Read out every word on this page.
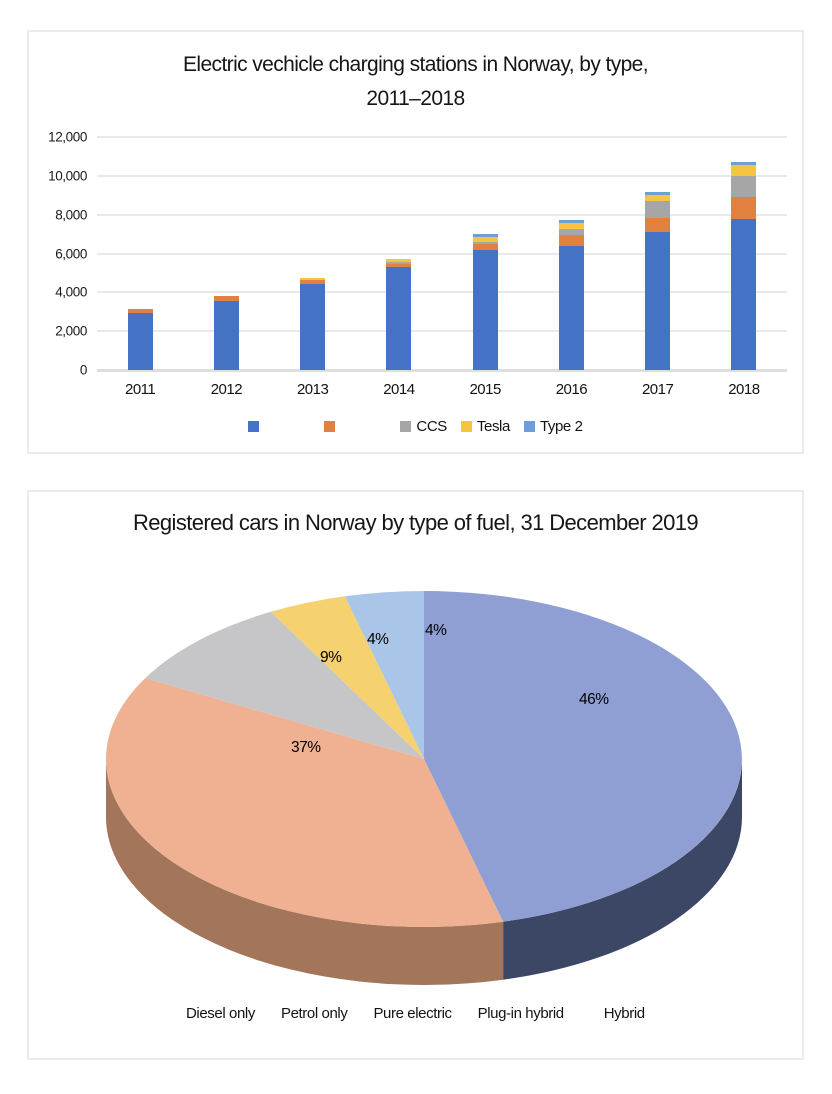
Electric vechicle charging stations in Norway, by type,
2011–2018
0
2,000
4,000
6,000
8,000
10,000
12,000
2011	2012	2013	2014	2015	2016	2017	2018
CCS Tesla Type 2
Registered cars in Norway by type of fuel, 31 December 2019
46%
37%
9%
4%
4%
Diesel only Petrol only Pure electric Plug-in hybrid	Hybrid
